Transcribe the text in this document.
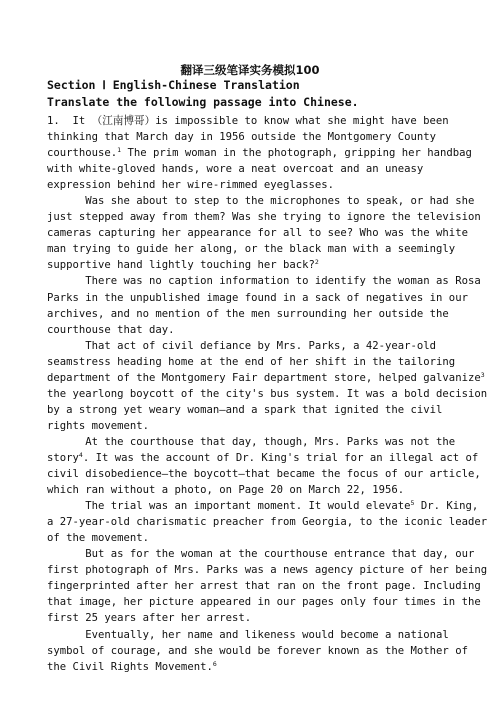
翻译三级笔译实务模拟100
Section Ⅰ English-Chinese Translation
Translate the following passage into Chinese.
1.  It （江南博哥）is impossible to know what she might have been
thinking that March day in 1956 outside the Montgomery County
courthouse.$^1$ The prim woman in the photograph, gripping her handbag
with white-gloved hands, wore a neat overcoat and an uneasy
expression behind her wire-rimmed eyeglasses.
Was she about to step to the microphones to speak, or had she
just stepped away from them? Was she trying to ignore the television
cameras capturing her appearance for all to see? Who was the white
man trying to guide her along, or the black man with a seemingly
supportive hand lightly touching her back?$^2$
There was no caption information to identify the woman as Rosa
Parks in the unpublished image found in a sack of negatives in our
archives, and no mention of the men surrounding her outside the
courthouse that day.
That act of civil defiance by Mrs. Parks, a 42-year-old
seamstress heading home at the end of her shift in the tailoring
department of the Montgomery Fair department store, helped galvanize$^3$
the yearlong boycott of the city's bus system. It was a bold decision
by a strong yet weary woman—and a spark that ignited the civil
rights movement.
At the courthouse that day, though, Mrs. Parks was not the
story$^4$. It was the account of Dr. King's trial for an illegal act of
civil disobedience—the boycott—that became the focus of our article,
which ran without a photo, on Page 20 on March 22, 1956.
The trial was an important moment. It would elevate$^5$ Dr. King,
a 27-year-old charismatic preacher from Georgia, to the iconic leader
of the movement.
But as for the woman at the courthouse entrance that day, our
first photograph of Mrs. Parks was a news agency picture of her being
fingerprinted after her arrest that ran on the front page. Including
that image, her picture appeared in our pages only four times in the
first 25 years after her arrest.
Eventually, her name and likeness would become a national
symbol of courage, and she would be forever known as the Mother of
the Civil Rights Movement.$^6$
